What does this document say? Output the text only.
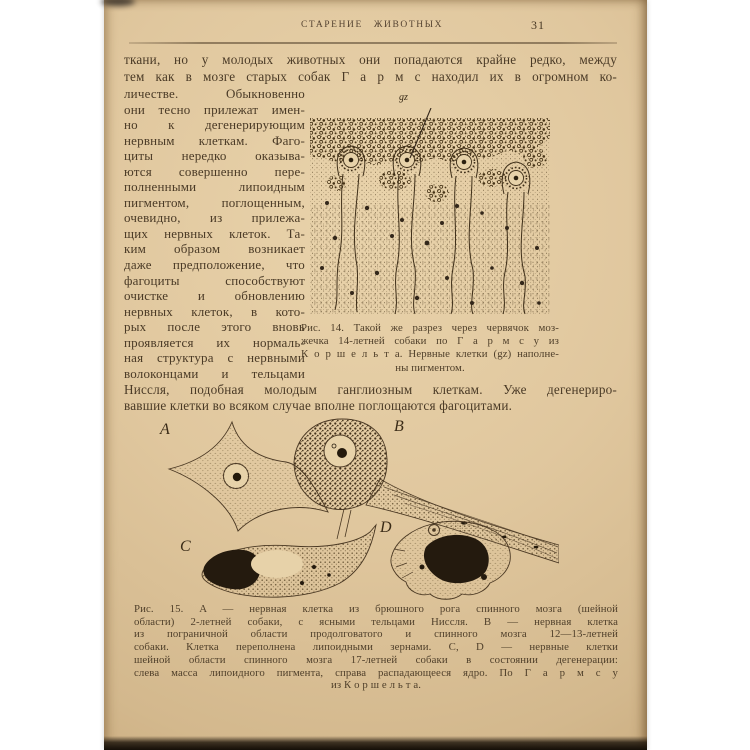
СТАРЕНИЕ ЖИВОТНЫХ	31
ткани, но у молодых животных они попадаются крайне редко, между
тем как в мозге старых собак Г а р м с находил их в огромном ко-
личестве. Обыкновенно
они тесно прилежат имен-
но к дегенерирующим
нервным клеткам. Фаго-
циты нередко оказыва-
ются совершенно пере-
полненными липоидным
пигментом, поглощенным,
очевидно, из прилежа-
щих нервных клеток. Та-
ким образом возникает
даже предположение, что
фагоциты способствуют
очистке и обновлению
нервных клеток, в кото-
рых после этого вновь
проявляется их нормаль-
ная структура с нервными
волоконцами и тельцами
gz
Рис. 14. Такой же разрез через червячок моз-
жечка 14-летней собаки по Г а р м с у из
К о р ш е л ь т а. Нервные клетки (gz) наполне-
ны пигментом.
Ниссля, подобная молодым ганглиозным клеткам. Уже дегенериро-
вавшие клетки во всяком случае вполне поглощаются фагоцитами.
A	B
C
D
Рис. 15. A — нервная клетка из брюшного рога спинного мозга (шейной
области) 2-летней собаки, с ясными тельцами Ниссля. B — нервная клетка
из пограничной области продолговатого и спинного мозга 12—13-летней
собаки. Клетка переполнена липоидными зернами. C, D — нервные клетки
шейной области спинного мозга 17-летней собаки в состоянии дегенерации:
слева масса липоидного пигмента, справа распадающееся ядро. По Г а р м с у
из К о р ш е л ь т а.
